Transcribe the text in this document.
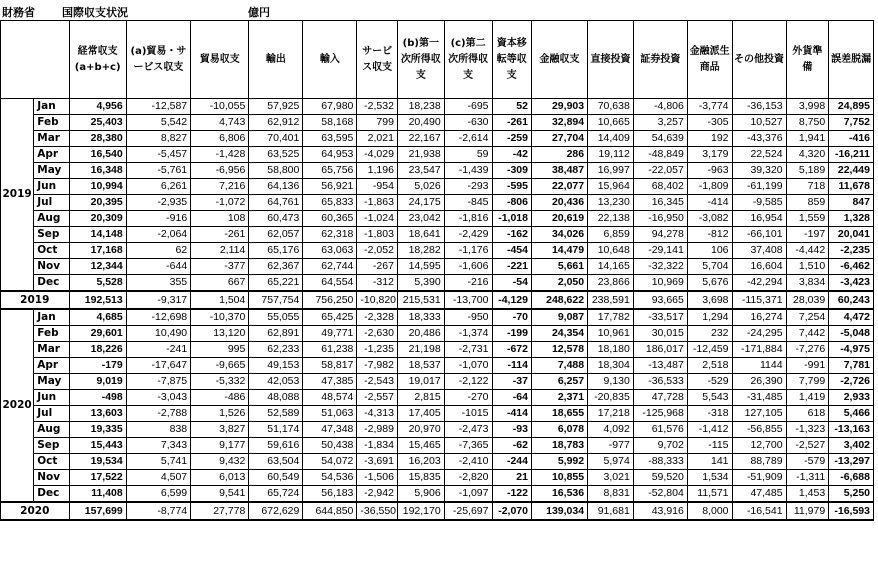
財務省 国際収支状況	億円
		経常収支(a+b+c)	(a)貿易・サービス収支	貿易収支	輸出	輸入	サービス収支	(b)第一次所得収支	(c)第二次所得収支	資本移転等収支	金融収支	直接投資	証券投資	金融派生商品	その他投資	外貨準備	誤差脱漏
2019	Jan	4,956	-12,587	-10,055	57,925	67,980	-2,532	18,238	-695	52	29,903	70,638	-4,806	-3,774	-36,153	3,998	24,895
	Feb	25,403	5,542	4,743	62,912	58,168	799	20,490	-630	-261	32,894	10,665	3,257	-305	10,527	8,750	7,752
	Mar	28,380	8,827	6,806	70,401	63,595	2,021	22,167	-2,614	-259	27,704	14,409	54,639	192	-43,376	1,941	-416
	Apr	16,540	-5,457	-1,428	63,525	64,953	-4,029	21,938	59	-42	286	19,112	-48,849	3,179	22,524	4,320	-16,211
	May	16,348	-5,761	-6,956	58,800	65,756	1,196	23,547	-1,439	-309	38,487	16,997	-22,057	-963	39,320	5,189	22,449
	Jun	10,994	6,261	7,216	64,136	56,921	-954	5,026	-293	-595	22,077	15,964	68,402	-1,809	-61,199	718	11,678
	Jul	20,395	-2,935	-1,072	64,761	65,833	-1,863	24,175	-845	-806	20,436	13,230	16,345	-414	-9,585	859	847
	Aug	20,309	-916	108	60,473	60,365	-1,024	23,042	-1,816	-1,018	20,619	22,138	-16,950	-3,082	16,954	1,559	1,328
	Sep	14,148	-2,064	-261	62,057	62,318	-1,803	18,641	-2,429	-162	34,026	6,859	94,278	-812	-66,101	-197	20,041
	Oct	17,168	62	2,114	65,176	63,063	-2,052	18,282	-1,176	-454	14,479	10,648	-29,141	106	37,408	-4,442	-2,235
	Nov	12,344	-644	-377	62,367	62,744	-267	14,595	-1,606	-221	5,661	14,165	-32,322	5,704	16,604	1,510	-6,462
	Dec	5,528	355	667	65,221	64,554	-312	5,390	-216	-54	2,050	23,866	10,969	5,676	-42,294	3,834	-3,423
2019		192,513	-9,317	1,504	757,754	756,250	-10,820	215,531	-13,700	-4,129	248,622	238,591	93,665	3,698	-115,371	28,039	60,243
2020	Jan	4,685	-12,698	-10,370	55,055	65,425	-2,328	18,333	-950	-70	9,087	17,782	-33,517	1,294	16,274	7,254	4,472
	Feb	29,601	10,490	13,120	62,891	49,771	-2,630	20,486	-1,374	-199	24,354	10,961	30,015	232	-24,295	7,442	-5,048
	Mar	18,226	-241	995	62,233	61,238	-1,235	21,198	-2,731	-672	12,578	18,180	186,017	-12,459	-171,884	-7,276	-4,975
	Apr	-179	-17,647	-9,665	49,153	58,817	-7,982	18,537	-1,070	-114	7,488	18,304	-13,487	2,518	1144	-991	7,781
	May	9,019	-7,875	-5,332	42,053	47,385	-2,543	19,017	-2,122	-37	6,257	9,130	-36,533	-529	26,390	7,799	-2,726
	Jun	-498	-3,043	-486	48,088	48,574	-2,557	2,815	-270	-64	2,371	-20,835	47,728	5,543	-31,485	1,419	2,933
	Jul	13,603	-2,788	1,526	52,589	51,063	-4,313	17,405	-1015	-414	18,655	17,218	-125,968	-318	127,105	618	5,466
	Aug	19,335	838	3,827	51,174	47,348	-2,989	20,970	-2,473	-93	6,078	4,092	61,576	-1,412	-56,855	-1,323	-13,163
	Sep	15,443	7,343	9,177	59,616	50,438	-1,834	15,465	-7,365	-62	18,783	-977	9,702	-115	12,700	-2,527	3,402
	Oct	19,534	5,741	9,432	63,504	54,072	-3,691	16,203	-2,410	-244	5,992	5,974	-88,333	141	88,789	-579	-13,297
	Nov	17,522	4,507	6,013	60,549	54,536	-1,506	15,835	-2,820	21	10,855	3,021	59,520	1,534	-51,909	-1,311	-6,688
	Dec	11,408	6,599	9,541	65,724	56,183	-2,942	5,906	-1,097	-122	16,536	8,831	-52,804	11,571	47,485	1,453	5,250
2020		157,699	-8,774	27,778	672,629	644,850	-36,550	192,170	-25,697	-2,070	139,034	91,681	43,916	8,000	-16,541	11,979	-16,593
